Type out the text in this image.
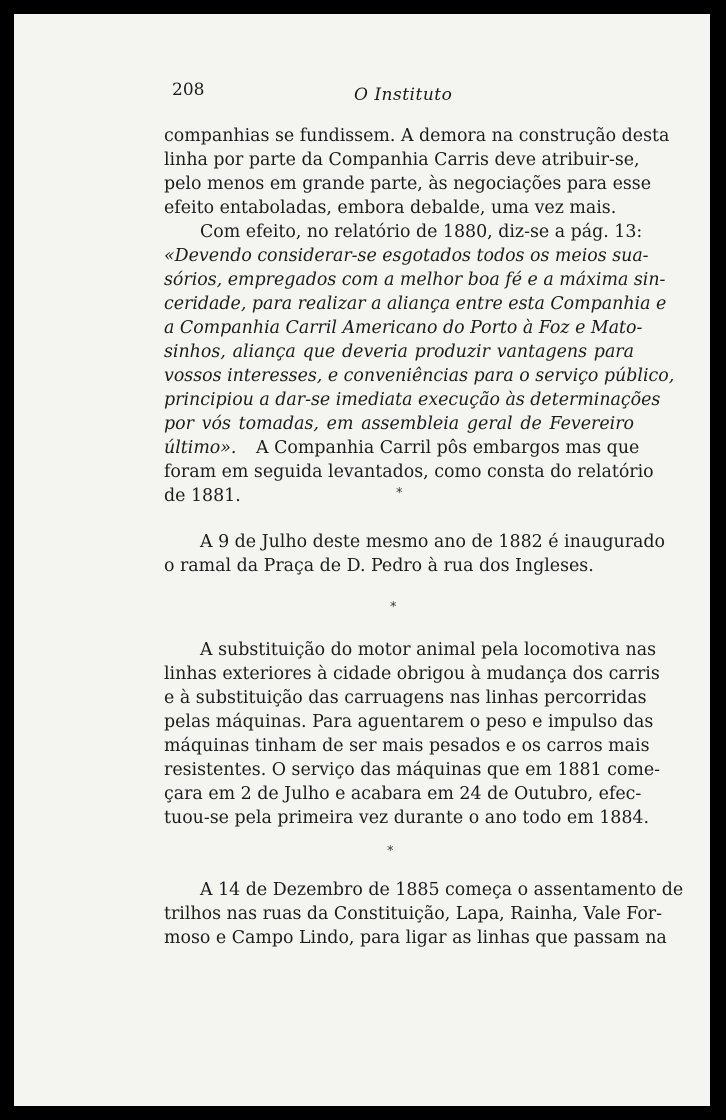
208	O Instituto
companhias se fundissem. A demora na construção desta
linha por parte da Companhia Carris deve atribuir-se,
pelo menos em grande parte, às negociações para esse
efeito entaboladas, embora debalde, uma vez mais.
Com efeito, no relatório de 1880, diz-se a pág. 13:
«Devendo considerar-se esgotados todos os meios sua-
sórios, empregados com a melhor boa fé e a máxima sin-
ceridade, para realizar a aliança entre esta Companhia e
a Companhia Carril Americano do Porto à Foz e Mato-
sinhos, aliança que deveria produzir vantagens para
vossos interesses, e conveniências para o serviço público,
principiou a dar-se imediata execução às determinações
por vós tomadas, em assembleia geral de Fevereiro
último».	A Companhia Carril pôs embargos mas que
foram em seguida levantados, como consta do relatório
de 1881.	*
A 9 de Julho deste mesmo ano de 1882 é inaugurado
o ramal da Praça de D. Pedro à rua dos Ingleses.
*
A substituição do motor animal pela locomotiva nas
linhas exteriores à cidade obrigou à mudança dos carris
e à substituição das carruagens nas linhas percorridas
pelas máquinas. Para aguentarem o peso e impulso das
máquinas tinham de ser mais pesados e os carros mais
resistentes. O serviço das máquinas que em 1881 come-
çara em 2 de Julho e acabara em 24 de Outubro, efec-
tuou-se pela primeira vez durante o ano todo em 1884.
*
A 14 de Dezembro de 1885 começa o assentamento de
trilhos nas ruas da Constituição, Lapa, Rainha, Vale For-
moso e Campo Lindo, para ligar as linhas que passam na
